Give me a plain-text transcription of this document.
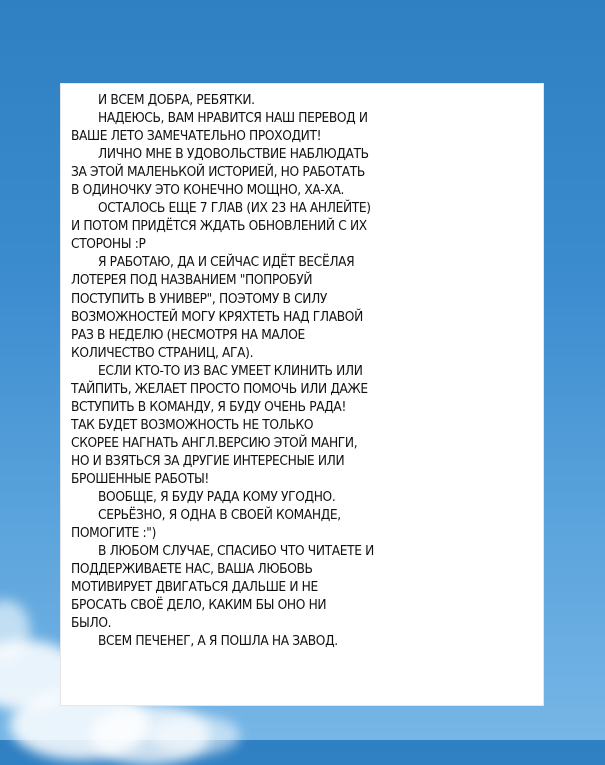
И ВСЕМ ДОБРА, РЕБЯТКИ.

НАДЕЮСЬ, ВАМ НРАВИТСЯ НАШ ПЕРЕВОД И

ВАШЕ ЛЕТО ЗАМЕЧАТЕЛЬНО ПРОХОДИТ!

ЛИЧНО МНЕ В УДОВОЛЬСТВИЕ НАБЛЮДАТЬ

ЗА ЭТОЙ МАЛЕНЬКОЙ ИСТОРИЕЙ, НО РАБОТАТЬ

В ОДИНОЧКУ ЭТО КОНЕЧНО МОЩНО, ХА-ХА.

ОСТАЛОСЬ ЕЩЕ 7 ГЛАВ (ИХ 23 НА АНЛЕЙТЕ)

И ПОТОМ ПРИДЁТСЯ ЖДАТЬ ОБНОВЛЕНИЙ С ИХ

СТОРОНЫ :Р

Я РАБОТАЮ, ДА И СЕЙЧАС ИДЁТ ВЕСЁЛАЯ

ЛОТЕРЕЯ ПОД НАЗВАНИЕМ "ПОПРОБУЙ

ПОСТУПИТЬ В УНИВЕР", ПОЭТОМУ В СИЛУ

ВОЗМОЖНОСТЕЙ МОГУ КРЯХТЕТЬ НАД ГЛАВОЙ

РАЗ В НЕДЕЛЮ (НЕСМОТРЯ НА МАЛОЕ

КОЛИЧЕСТВО СТРАНИЦ, АГА).

ЕСЛИ КТО-ТО ИЗ ВАС УМЕЕТ КЛИНИТЬ ИЛИ

ТАЙПИТЬ, ЖЕЛАЕТ ПРОСТО ПОМОЧЬ ИЛИ ДАЖЕ

ВСТУПИТЬ В КОМАНДУ, Я БУДУ ОЧЕНЬ РАДА!

ТАК БУДЕТ ВОЗМОЖНОСТЬ НЕ ТОЛЬКО

СКОРЕЕ НАГНАТЬ АНГЛ.ВЕРСИЮ ЭТОЙ МАНГИ,

НО И ВЗЯТЬСЯ ЗА ДРУГИЕ ИНТЕРЕСНЫЕ ИЛИ

БРОШЕННЫЕ РАБОТЫ!

ВООБЩЕ, Я БУДУ РАДА КОМУ УГОДНО.

СЕРЬЁЗНО, Я ОДНА В СВОЕЙ КОМАНДЕ,

ПОМОГИТЕ :")

В ЛЮБОМ СЛУЧАЕ, СПАСИБО ЧТО ЧИТАЕТЕ И

ПОДДЕРЖИВАЕТЕ НАС, ВАША ЛЮБОВЬ

МОТИВИРУЕТ ДВИГАТЬСЯ ДАЛЬШЕ И НЕ

БРОСАТЬ СВОЁ ДЕЛО, КАКИМ БЫ ОНО НИ

БЫЛО.

ВСЕМ ПЕЧЕНЕГ, А Я ПОШЛА НА ЗАВОД.
